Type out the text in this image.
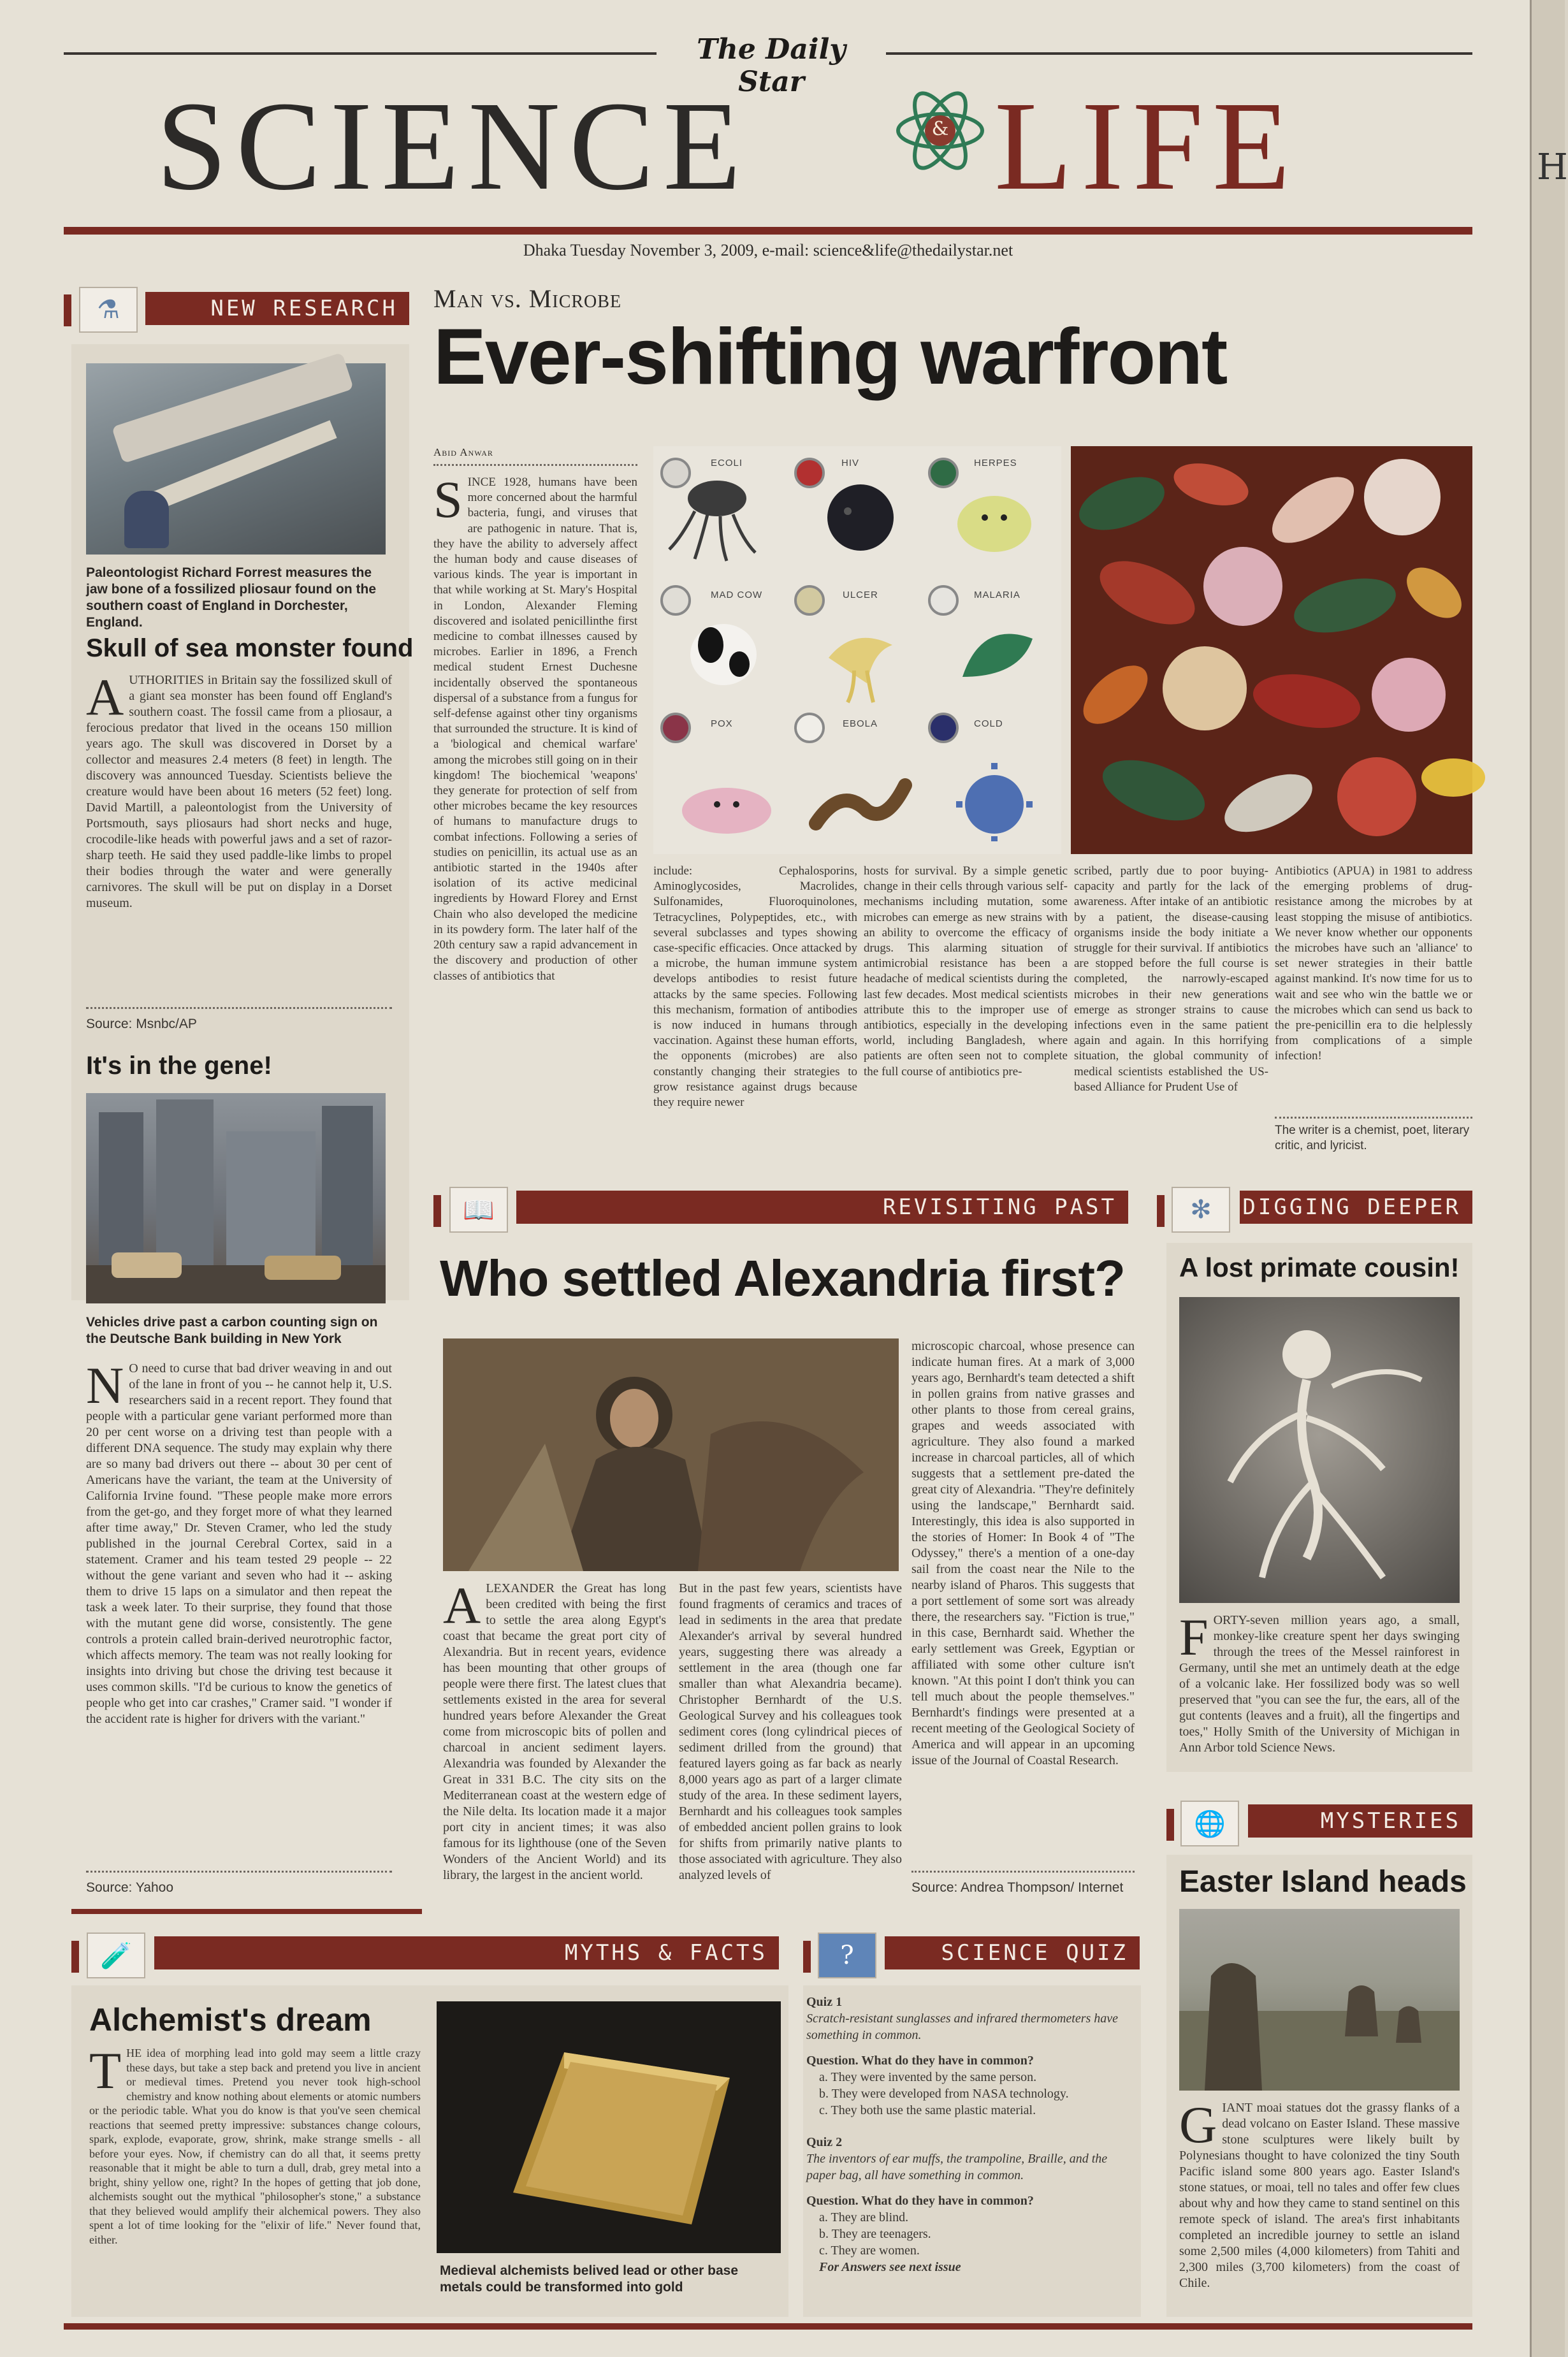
H
The Daily Star
SCIENCE	& LIFE
Dhaka Tuesday November 3, 2009, e-mail: science&life@thedailystar.net
⚗	NEW RESEARCH
Paleontologist Richard Forrest measures the jaw bone of a fossilized pliosaur found on the southern coast of England in Dorchester, England.
Skull of sea monster found
AUTHORITIES in Britain say the fossilized skull of a giant sea monster has been found off England's southern coast. The fossil came from a pliosaur, a ferocious predator that lived in the oceans 150 million years ago. The skull was discovered in Dorset by a collector and measures 2.4 meters (8 feet) in length. The discovery was announced Tuesday. Scientists believe the creature would have been about 16 meters (52 feet) long. David Martill, a paleontologist from the University of Portsmouth, says pliosaurs had short necks and huge, crocodile-like heads with powerful jaws and a set of razor-sharp teeth. He said they used paddle-like limbs to propel their bodies through the water and were generally carnivores. The skull will be put on display in a Dorset museum.
Source: Msnbc/AP
It's in the gene!
Vehicles drive past a carbon counting sign on the Deutsche Bank building in New York
N O need to curse that bad driver weaving in and out of the lane in front of you -- he cannot help it, U.S. researchers said in a recent report. They found that people with a particular gene variant performed more than 20 per cent worse on a driving test than people with a different DNA sequence. The study may explain why there are so many bad drivers out there -- about 30 per cent of Americans have the variant, the team at the University of California Irvine found. "These people make more errors from the get-go, and they forget more of what they learned after time away," Dr. Steven Cramer, who led the study published in the journal Cerebral Cortex, said in a statement. Cramer and his team tested 29 people -- 22 without the gene variant and seven who had it -- asking them to drive 15 laps on a simulator and then repeat the task a week later. To their surprise, they found that those with the mutant gene did worse, consistently. The gene controls a protein called brain-derived neurotrophic factor, which affects memory. The team was not really looking for insights into driving but chose the driving test because it uses common skills. "I'd be curious to know the genetics of people who get into car crashes," Cramer said. "I wonder if the accident rate is higher for drivers with the variant."
Source: Yahoo
Man vs. Microbe
Ever-shifting warfront
Abid Anwar
SINCE 1928, humans have been more concerned about the harmful bacteria, fungi, and viruses that are pathogenic in nature. That is, they have the ability to adversely affect the human body and cause diseases of various kinds. The year is important in that while working at St. Mary's Hospital in London, Alexander Fleming discovered and isolated penicillinthe first medicine to combat illnesses caused by microbes. Earlier in 1896, a French medical student Ernest Duchesne incidentally observed the spontaneous dispersal of a substance from a fungus for self-defense against other tiny organisms that surrounded the structure. It is kind of a 'biological and chemical warfare' among the microbes still going on in their kingdom! The biochemical 'weapons' they generate for protection of self from other microbes became the key resources of humans to manufacture drugs to combat infections. Following a series of studies on penicillin, its actual use as an antibiotic started in the 1940s after isolation of its active medicinal ingredients by Howard Florey and Ernst Chain who also developed the medicine in its powdery form. The later half of the 20th century saw a rapid advancement in the discovery and production of other classes of antibiotics that
ECOLI	HIV	HERPES
MAD COW	ULCER	MALARIA
POX	EBOLA	COLD
include: Cephalosporins, Aminoglycosides, Macrolides, Sulfonamides, Fluoroquinolones, Tetracyclines, Polypeptides, etc., with several subclasses and types showing case-specific efficacies. Once attacked by a microbe, the human immune system develops antibodies to resist future attacks by the same species. Following this mechanism, formation of antibodies is now induced in humans through vaccination. Against these human efforts, the opponents (microbes) are also constantly changing their strategies to grow resistance against drugs because they require newer
hosts for survival. By a simple genetic change in their cells through various self-mechanisms including mutation, some microbes can emerge as new strains with an ability to overcome the efficacy of drugs. This alarming situation of antimicrobial resistance has been a headache of medical scientists during the last few decades. Most medical scientists attribute this to the improper use of antibiotics, especially in the developing world, including Bangladesh, where patients are often seen not to complete the full course of antibiotics pre-
scribed, partly due to poor buying-capacity and partly for the lack of awareness. After intake of an antibiotic by a patient, the disease-causing organisms inside the body initiate a struggle for their survival. If antibiotics are stopped before the full course is completed, the narrowly-escaped microbes in their new generations emerge as stronger strains to cause infections even in the same patient again and again. In this horrifying situation, the global community of medical scientists established the US-based Alliance for Prudent Use of
Antibiotics (APUA) in 1981 to address the emerging problems of drug-resistance among the microbes by at least stopping the misuse of antibiotics. We never know whether our opponents the microbes have such an 'alliance' to set newer strategies in their battle against mankind. It's now time for us to wait and see who win the battle we or the microbes which can send us back to the pre-penicillin era to die helplessly from complications of a simple infection!
The writer is a chemist, poet, literary critic, and lyricist.
📖	REVISITING PAST
Who settled Alexandria first?
ALEXANDER the Great has long been credited with being the first to settle the area along Egypt's coast that became the great port city of Alexandria. But in recent years, evidence has been mounting that other groups of people were there first. The latest clues that settlements existed in the area for several hundred years before Alexander the Great come from microscopic bits of pollen and charcoal in ancient sediment layers. Alexandria was founded by Alexander the Great in 331 B.C. The city sits on the Mediterranean coast at the western edge of the Nile delta. Its location made it a major port city in ancient times; it was also famous for its lighthouse (one of the Seven Wonders of the Ancient World) and its library, the largest in the ancient world.
But in the past few years, scientists have found fragments of ceramics and traces of lead in sediments in the area that predate Alexander's arrival by several hundred years, suggesting there was already a settlement in the area (though one far smaller than what Alexandria became). Christopher Bernhardt of the U.S. Geological Survey and his colleagues took sediment cores (long cylindrical pieces of sediment drilled from the ground) that featured layers going as far back as nearly 8,000 years ago as part of a larger climate study of the area. In these sediment layers, Bernhardt and his colleagues took samples of embedded ancient pollen grains to look for shifts from primarily native plants to those associated with agriculture. They also analyzed levels of
microscopic charcoal, whose presence can indicate human fires. At a mark of 3,000 years ago, Bernhardt's team detected a shift in pollen grains from native grasses and other plants to those from cereal grains, grapes and weeds associated with agriculture. They also found a marked increase in charcoal particles, all of which suggests that a settlement pre-dated the great city of Alexandria. "They're definitely using the landscape," Bernhardt said. Interestingly, this idea is also supported in the stories of Homer: In Book 4 of "The Odyssey," there's a mention of a one-day sail from the coast near the Nile to the nearby island of Pharos. This suggests that a port settlement of some sort was already there, the researchers say. "Fiction is true," in this case, Bernhardt said. Whether the early settlement was Greek, Egyptian or affiliated with some other culture isn't known. "At this point I don't think you can tell much about the people themselves." Bernhardt's findings were presented at a recent meeting of the Geological Society of America and will appear in an upcoming issue of the Journal of Coastal Research.
Source: Andrea Thompson/ Internet
✻	DIGGING DEEPER
A lost primate cousin!
FORTY-seven million years ago, a small, monkey-like creature spent her days swinging through the trees of the Messel rainforest in Germany, until she met an untimely death at the edge of a volcanic lake. Her fossilized body was so well preserved that "you can see the fur, the ears, all of the gut contents (leaves and a fruit), all the fingertips and toes," Holly Smith of the University of Michigan in Ann Arbor told Science News.
🌐	MYSTERIES
Easter Island heads
GIANT moai statues dot the grassy flanks of a dead volcano on Easter Island. These massive stone sculptures were likely built by Polynesians thought to have colonized the tiny South Pacific island some 800 years ago. Easter Island's stone statues, or moai, tell no tales and offer few clues about why and how they came to stand sentinel on this remote speck of island. The area's first inhabitants completed an incredible journey to settle an island some 2,500 miles (4,000 kilometers) from Tahiti and 2,300 miles (3,700 kilometers) from the coast of Chile.
🧪	MYTHS & FACTS
Alchemist's dream
THE idea of morphing lead into gold may seem a little crazy these days, but take a step back and pretend you live in ancient or medieval times. Pretend you never took high-school chemistry and know nothing about elements or atomic numbers or the periodic table. What you do know is that you've seen chemical reactions that seemed pretty impressive: substances change colours, spark, explode, evaporate, grow, shrink, make strange smells - all before your eyes. Now, if chemistry can do all that, it seems pretty reasonable that it might be able to turn a dull, drab, grey metal into a bright, shiny yellow one, right? In the hopes of getting that job done, alchemists sought out the mythical "philosopher's stone," a substance that they believed would amplify their alchemical powers. They also spent a lot of time looking for the "elixir of life." Never found that, either.
Medieval alchemists belived lead or other base metals could be transformed into gold
?	SCIENCE QUIZ
Quiz 1
Scratch-resistant sunglasses and infrared thermometers have something in common.
Question. What do they have in common?
a. They were invented by the same person.
b. They were developed from NASA technology.
c. They both use the same plastic material.
Quiz 2
The inventors of ear muffs, the trampoline, Braille, and the paper bag, all have something in common.
Question. What do they have in common?
a. They are blind.
b. They are teenagers.
c. They are women.
For Answers see next issue
